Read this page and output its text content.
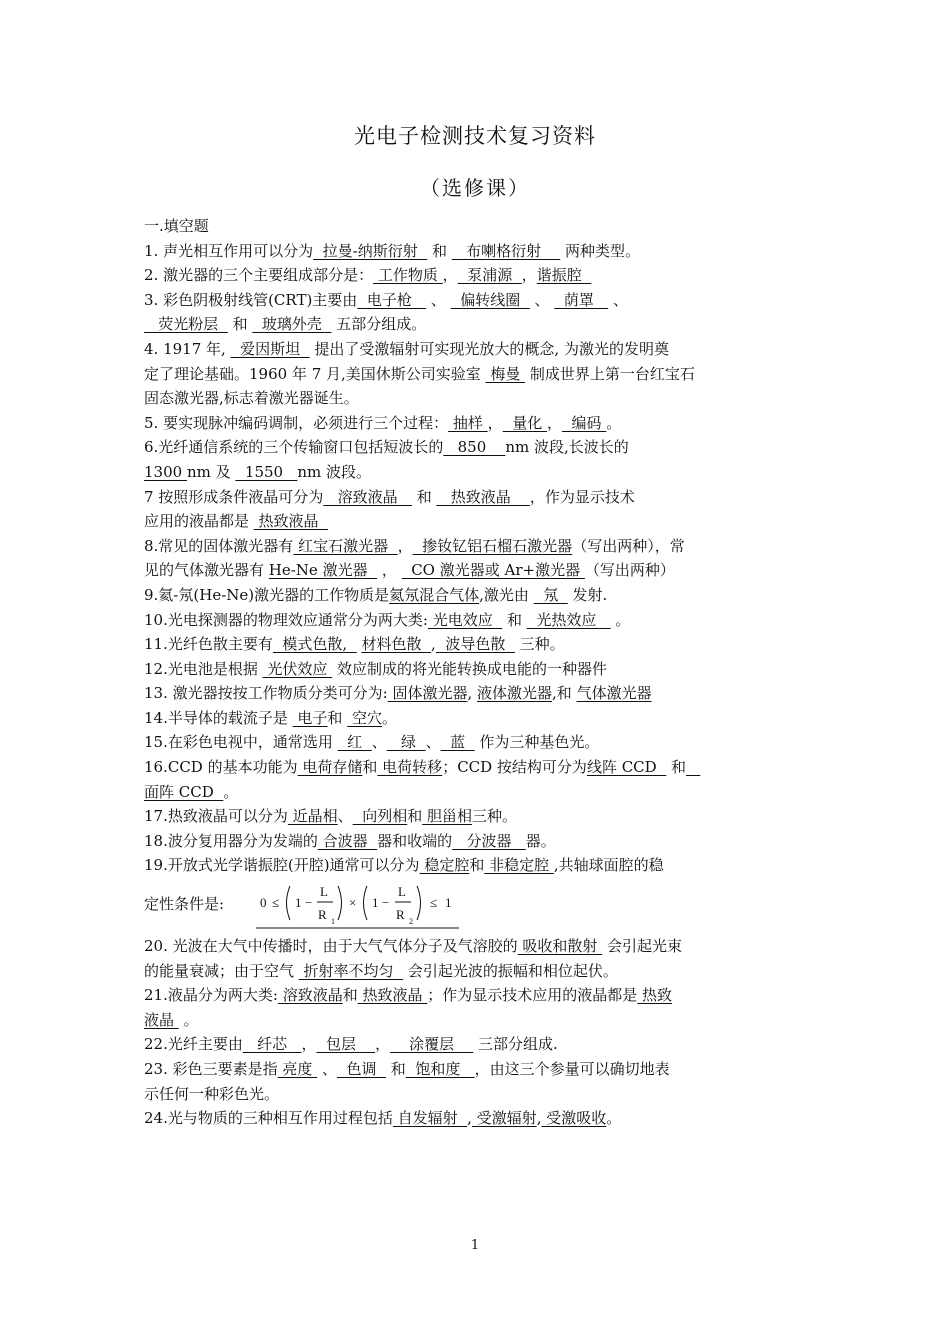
光电子检测技术复习资料
（选修课）
一.填空题
1. 声光相互作用可以分为  拉曼-纳斯衍射   和    布喇格衍射     两种类型。
2. 激光器的三个主要组成部分是： 工作物质 ，  泵浦源  ，谐振腔
3. 彩色阴极射线管(CRT)主要由  电子枪    、   偏转线圈   、   荫罩    、
荧光粉层   和   玻璃外壳   五部分组成。
4. 1917 年,   爱因斯坦   提出了受激辐射可实现光放大的概念, 为激光的发明奠
定了理论基础。1960 年 7 月,美国休斯公司实验室  梅曼  制成世界上第一台红宝石
固态激光器,标志着激光器诞生。
5. 要实现脉冲编码调制，必须进行三个过程： 抽样 ，  量化 ，  编码 。
6.光纤通信系统的三个传输窗口包括短波长的   850    nm 波段,长波长的
1300 nm 及   1550   nm 波段。
7 按照形成条件液晶可分为   溶致液晶    和    热致液晶    ，作为显示技术
应用的液晶都是  热致液晶
8.常见的固体激光器有 红宝石激光器  ，  掺钕钇铝石榴石激光器（写出两种），常
见的气体激光器有 He-Ne 激光器   ，   CO 激光器或 Ar+激光器 （写出两种）
9.氦-氖(He-Ne)激光器的工作物质是氦氖混合气体,激光由   氖   发射.
10.光电探测器的物理效应通常分为两大类: 光电效应   和   光热效应    。
11.光纤色散主要有  模式色散,   材料色散  ,  波导色散   三种。
12.光电池是根据  光伏效应  效应制成的将光能转换成电能的一种器件
13. 激光器按按工作物质分类可分为: 固体激光器, 液体激光器,和 气体激光器
14.半导体的载流子是  电子和  空穴。
15.在彩色电视中，通常选用   红  、   绿  、  蓝   作为三种基色光。
16.CCD 的基本功能为 电荷存储和 电荷转移；CCD 按结构可分为线阵 CCD   和
面阵 CCD  。
17.热致液晶可以分为 近晶相、  向列相和 胆甾相三种。
18.波分复用器分为发端的 合波器  器和收端的   分波器   器。
19.开放式光学谐振腔(开腔)通常可以分为 稳定腔和 非稳定腔 ,共轴球面腔的稳
定性条件是:	0 ≤ 1 −
L
R 1
× 1 −
L
R 2
≤ 1
20. 光波在大气中传播时，由于大气气体分子及气溶胶的 吸收和散射  会引起光束
的能量衰减；由于空气  折射率不均匀   会引起光波的振幅和相位起伏。
21.液晶分为两大类: 溶致液晶和 热致液晶 ；作为显示技术应用的液晶都是 热致
液晶  。
22.光纤主要由   纤芯   ，  包层    ，    涂覆层     三部分组成.
23. 彩色三要素是指 亮度  、  色调   和  饱和度   ，由这三个参量可以确切地表
示任何一种彩色光。
24.光与物质的三种相互作用过程包括 自发辐射  , 受激辐射, 受激吸收。
1
